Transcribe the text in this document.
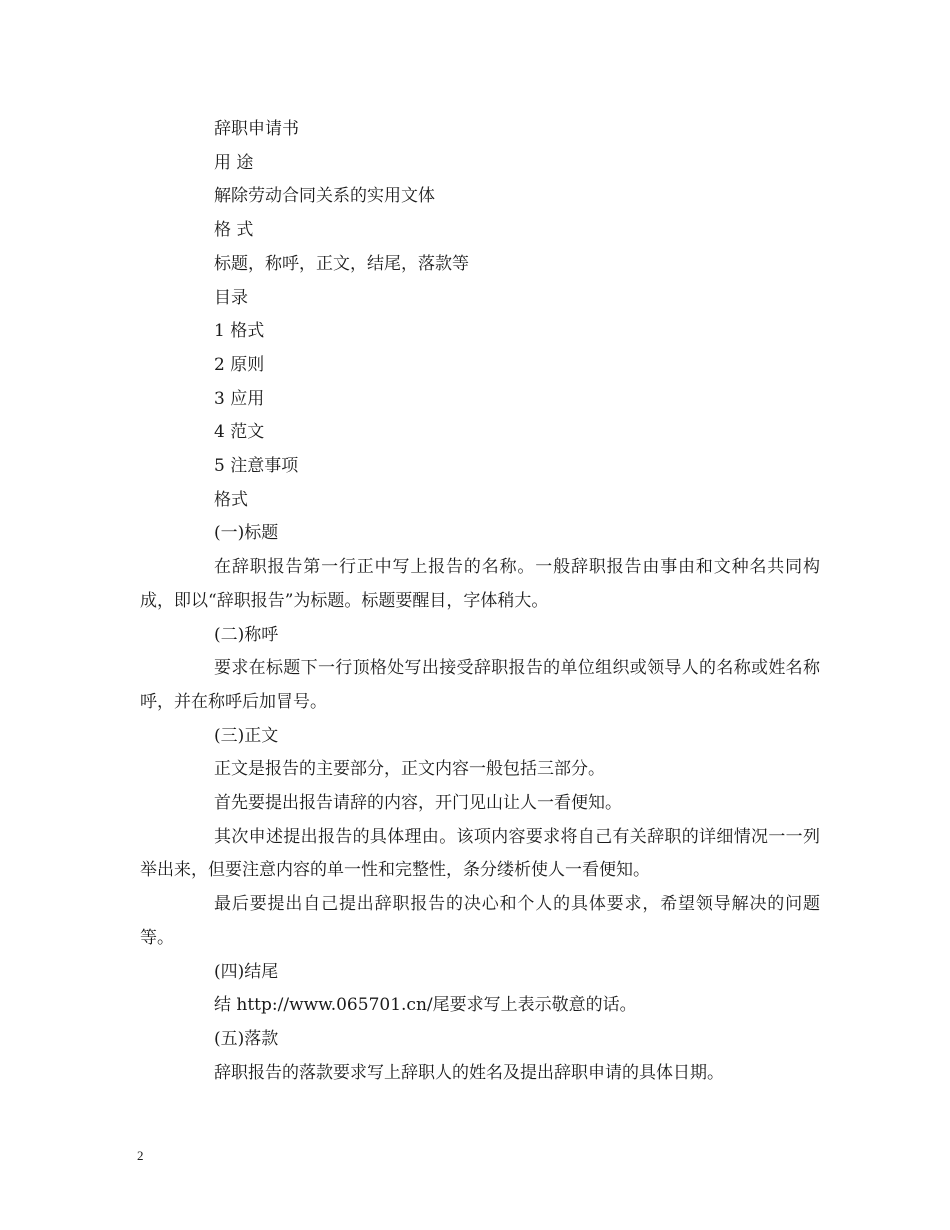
辞职申请书
用 途
解除劳动合同关系的实用文体
格 式
标题，称呼，正文，结尾，落款等
目录
1 格式
2 原则
3 应用
4 范文
5 注意事项
格式
(一)标题
在辞职报告第一行正中写上报告的名称。一般辞职报告由事由和文种名共同构成，即以“辞职报告”为标题。标题要醒目，字体稍大。
(二)称呼
要求在标题下一行顶格处写出接受辞职报告的单位组织或领导人的名称或姓名称呼，并在称呼后加冒号。
(三)正文
正文是报告的主要部分，正文内容一般包括三部分。
首先要提出报告请辞的内容，开门见山让人一看便知。
其次申述提出报告的具体理由。该项内容要求将自己有关辞职的详细情况一一列举出来，但要注意内容的单一性和完整性，条分缕析使人一看便知。
最后要提出自己提出辞职报告的决心和个人的具体要求，希望领导解决的问题等。
(四)结尾
结 http://www.065701.cn/尾要求写上表示敬意的话。
(五)落款
辞职报告的落款要求写上辞职人的姓名及提出辞职申请的具体日期。
2
